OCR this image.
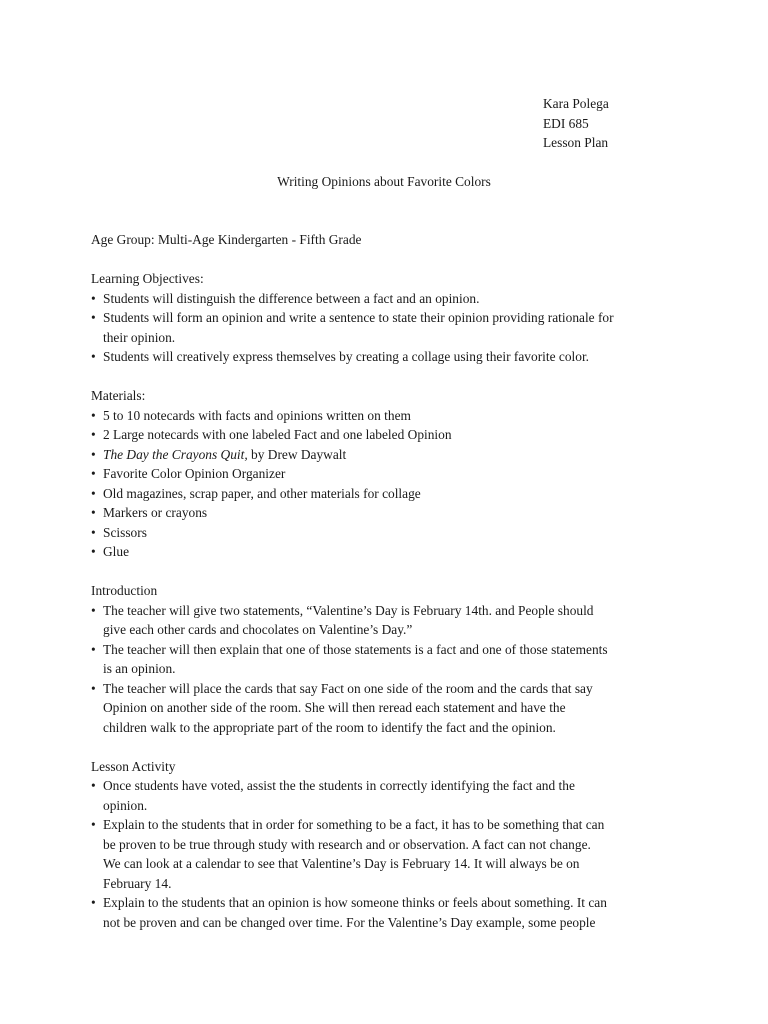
Kara Polega
EDI 685
Lesson Plan
Writing Opinions about Favorite Colors
Age Group: Multi-Age Kindergarten - Fifth Grade
Learning Objectives:
• Students will distinguish the difference between a fact and an opinion.
• Students will form an opinion and write a sentence to state their opinion providing rationale for
their opinion.
• Students will creatively express themselves by creating a collage using their favorite color.
Materials:
• 5 to 10 notecards with facts and opinions written on them
• 2 Large notecards with one labeled Fact and one labeled Opinion
• The Day the Crayons Quit, by Drew Daywalt
• Favorite Color Opinion Organizer
• Old magazines, scrap paper, and other materials for collage
• Markers or crayons
• Scissors
• Glue
Introduction
• The teacher will give two statements, “Valentine’s Day is February 14th. and People should
give each other cards and chocolates on Valentine’s Day.”
• The teacher will then explain that one of those statements is a fact and one of those statements
is an opinion.
• The teacher will place the cards that say Fact on one side of the room and the cards that say
Opinion on another side of the room. She will then reread each statement and have the
children walk to the appropriate part of the room to identify the fact and the opinion.
Lesson Activity
• Once students have voted, assist the the students in correctly identifying the fact and the
opinion.
• Explain to the students that in order for something to be a fact, it has to be something that can
be proven to be true through study with research and or observation. A fact can not change.
We can look at a calendar to see that Valentine’s Day is February 14. It will always be on
February 14.
• Explain to the students that an opinion is how someone thinks or feels about something. It can
not be proven and can be changed over time. For the Valentine’s Day example, some people
